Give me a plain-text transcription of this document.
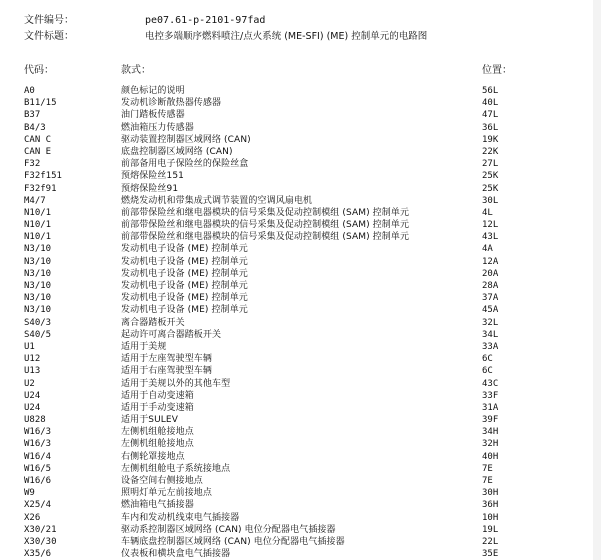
文件编号：	pe07.61-p-2101-97fad
文件标题：	电控多端顺序燃料喷注/点火系统 (ME-SFI) (ME) 控制单元的电路图
代码：	款式：	位置：
A0	颜色标记的说明	56L
B11/15	发动机诊断散热器传感器	40L
B37	油门踏板传感器	47L
B4/3	燃油箱压力传感器	36L
CAN C	驱动装置控制器区域网络 (CAN)	19K
CAN E	底盘控制器区域网络 (CAN)	22K
F32	前部备用电子保险丝的保险丝盒	27L
F32f151	预熔保险丝151	25K
F32f91	预熔保险丝91	25K
M4/7	燃烧发动机和带集成式调节装置的空调风扇电机	30L
N10/1	前部带保险丝和继电器模块的信号采集及促动控制模组 (SAM) 控制单元	4L
N10/1	前部带保险丝和继电器模块的信号采集及促动控制模组 (SAM) 控制单元	12L
N10/1	前部带保险丝和继电器模块的信号采集及促动控制模组 (SAM) 控制单元	43L
N3/10	发动机电子设备 (ME) 控制单元	4A
N3/10	发动机电子设备 (ME) 控制单元	12A
N3/10	发动机电子设备 (ME) 控制单元	20A
N3/10	发动机电子设备 (ME) 控制单元	28A
N3/10	发动机电子设备 (ME) 控制单元	37A
N3/10	发动机电子设备 (ME) 控制单元	45A
S40/3	离合器踏板开关	32L
S40/5	起动许可离合器踏板开关	34L
U1	适用于美规	33A
U12	适用于左座驾驶型车辆	6C
U13	适用于右座驾驶型车辆	6C
U2	适用于美规以外的其他车型	43C
U24	适用于自动变速箱	33F
U24	适用于手动变速箱	31A
U828	适用于SULEV	39F
W16/3	左侧机组舱接地点	34H
W16/3	左侧机组舱接地点	32H
W16/4	右侧轮罩接地点	40H
W16/5	左侧机组舱电子系统接地点	7E
W16/6	设备空间右侧接地点	7E
W9	照明灯单元左前接地点	30H
X25/4	燃油箱电气插接器	36H
X26	车内和发动机线束电气插接器	10H
X30/21	驱动系控制器区域网络 (CAN) 电位分配器电气插接器	19L
X30/30	车辆底盘控制器区域网络 (CAN) 电位分配器电气插接器	22L
X35/6	仪表板和横块盒电气插接器	35E
